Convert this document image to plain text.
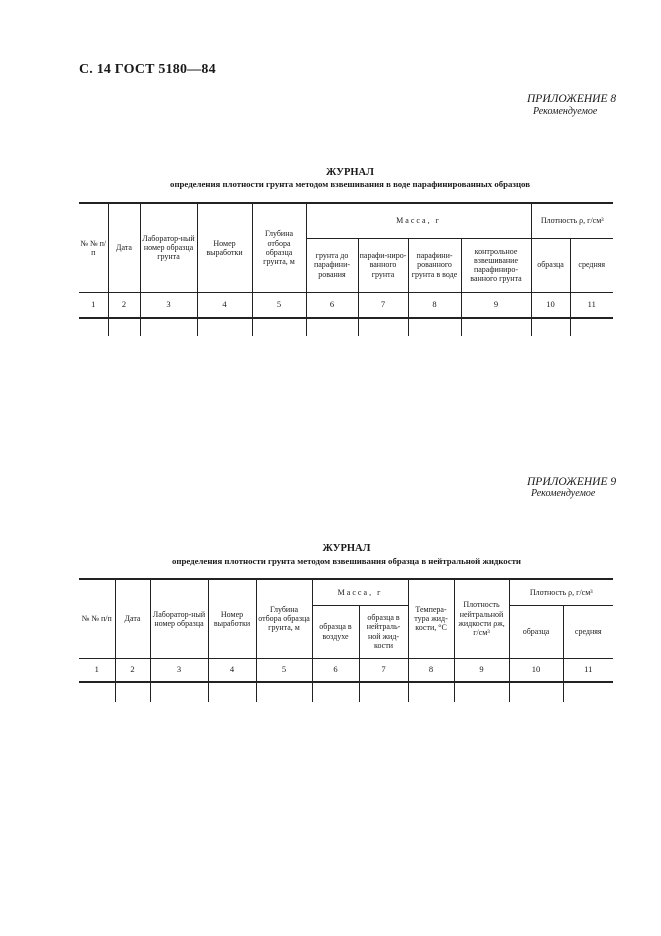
С. 14 ГОСТ 5180—84
ПРИЛОЖЕНИЕ 8
Рекомендуемое
ЖУРНАЛ
определения плотности грунта методом взвешивания в воде парафинированных образцов
№ № п/п	Дата	Лаборатор-ный номер образца грунта	Номер выработки	Глубина отбора образца грунта, м	Масса, г				Плотность ρ, г/см³	
					грунта до парафини-рования	парафи-ниро-ванного грунта	парафини-рованного грунта в воде	контрольное взвешивание парафиниро-ванного грунта	образца	средняя
1	2	3	4	5	6	7	8	9	10	11

ПРИЛОЖЕНИЕ 9
Рекомендуемое
ЖУРНАЛ
определения плотности грунта методом взвешивания образца в нейтральной жидкости
№ № п/п	Дата	Лаборатор-ный номер образца	Номер выработки	Глубина отбора образца грунта, м	Масса, г		Темпера-тура жид-кости, °С	Плотность нейтральной жидкости ρж, г/см³	Плотность ρ, г/см³	
					образца в воздухе	образца в нейтраль-ной жид-кости			образца	средняя
1	2	3	4	5	6	7	8	9	10	11
